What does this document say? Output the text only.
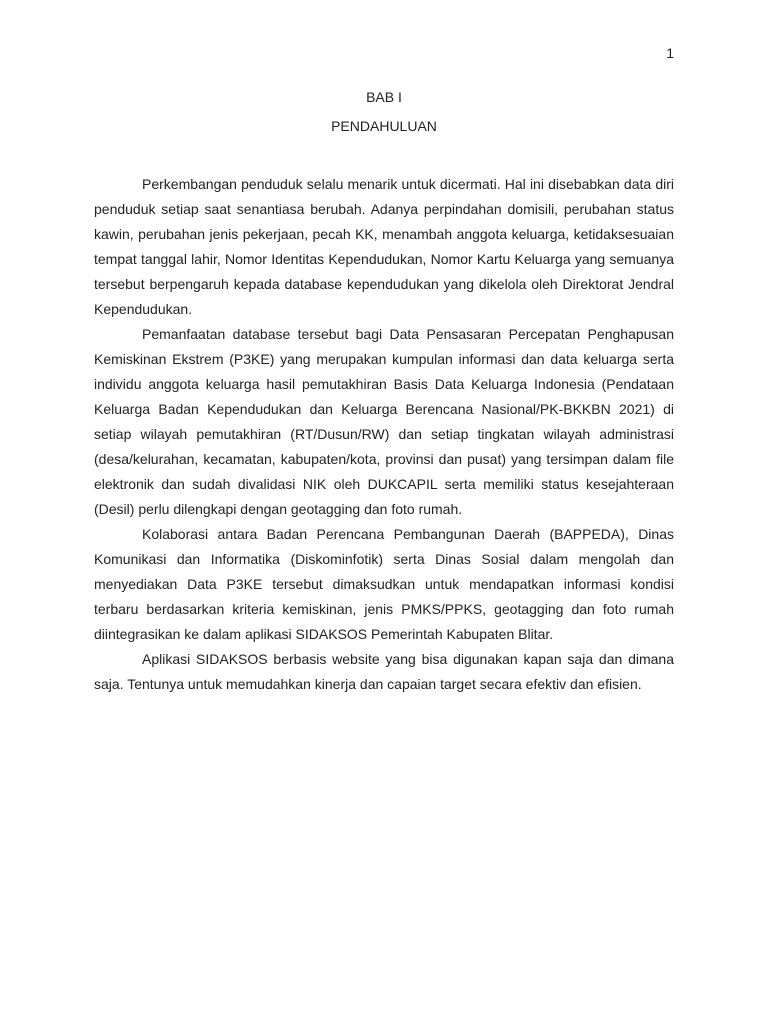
1
BAB I
PENDAHULUAN

Perkembangan penduduk selalu menarik untuk dicermati. Hal ini disebabkan data diri penduduk setiap saat senantiasa berubah. Adanya perpindahan domisili, perubahan status kawin, perubahan jenis pekerjaan, pecah KK, menambah anggota keluarga, ketidaksesuaian tempat tanggal lahir, Nomor Identitas Kependudukan, Nomor Kartu Keluarga yang semuanya tersebut berpengaruh kepada database kependudukan yang dikelola oleh Direktorat Jendral Kependudukan.

Pemanfaatan database tersebut bagi Data Pensasaran Percepatan Penghapusan Kemiskinan Ekstrem (P3KE) yang merupakan kumpulan informasi dan data keluarga serta individu anggota keluarga hasil pemutakhiran Basis Data Keluarga Indonesia (Pendataan Keluarga Badan Kependudukan dan Keluarga Berencana Nasional/PK-BKKBN 2021) di setiap wilayah pemutakhiran (RT/Dusun/RW) dan setiap tingkatan wilayah administrasi (desa/kelurahan, kecamatan, kabupaten/kota, provinsi dan pusat) yang tersimpan dalam file elektronik dan sudah divalidasi NIK oleh DUKCAPIL serta memiliki status kesejahteraan (Desil) perlu dilengkapi dengan geotagging dan foto rumah.

Kolaborasi antara Badan Perencana Pembangunan Daerah (BAPPEDA), Dinas Komunikasi dan Informatika (Diskominfotik) serta Dinas Sosial dalam mengolah dan menyediakan Data P3KE tersebut dimaksudkan untuk mendapatkan informasi kondisi terbaru berdasarkan kriteria kemiskinan, jenis PMKS/PPKS, geotagging dan foto rumah diintegrasikan ke dalam aplikasi SIDAKSOS Pemerintah Kabupaten Blitar.

Aplikasi SIDAKSOS berbasis website yang bisa digunakan kapan saja dan dimana saja. Tentunya untuk memudahkan kinerja dan capaian target secara efektiv dan efisien.
